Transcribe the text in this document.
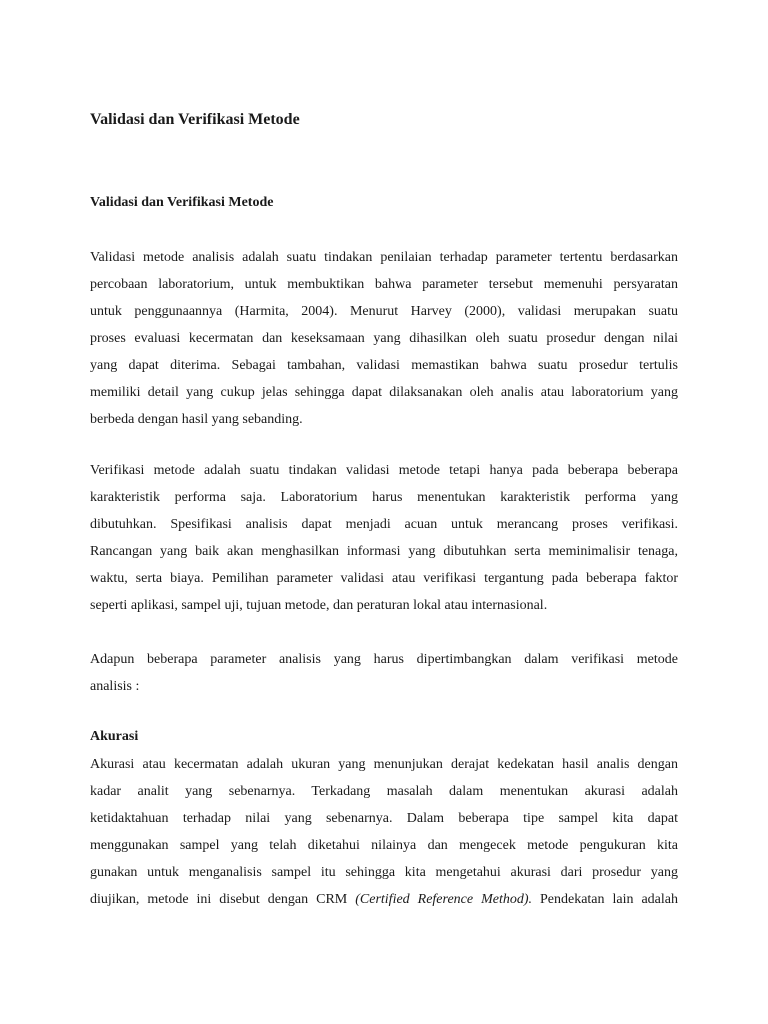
Validasi dan Verifikasi Metode
Validasi dan Verifikasi Metode
Validasi metode analisis adalah suatu tindakan penilaian terhadap parameter tertentu berdasarkan
percobaan laboratorium, untuk membuktikan bahwa parameter tersebut memenuhi persyaratan
untuk penggunaannya (Harmita, 2004). Menurut Harvey (2000), validasi merupakan suatu
proses evaluasi kecermatan dan keseksamaan yang dihasilkan oleh suatu prosedur dengan nilai
yang dapat diterima. Sebagai tambahan, validasi memastikan bahwa suatu prosedur tertulis
memiliki detail yang cukup jelas sehingga dapat dilaksanakan oleh analis atau laboratorium yang
berbeda dengan hasil yang sebanding.
Verifikasi metode adalah suatu tindakan validasi metode tetapi hanya pada beberapa beberapa
karakteristik performa saja. Laboratorium harus menentukan karakteristik performa yang
dibutuhkan. Spesifikasi analisis dapat menjadi acuan untuk merancang proses verifikasi.
Rancangan yang baik akan menghasilkan informasi yang dibutuhkan serta meminimalisir tenaga,
waktu, serta biaya. Pemilihan parameter validasi atau verifikasi tergantung pada beberapa faktor
seperti aplikasi, sampel uji, tujuan metode, dan peraturan lokal atau internasional.
Adapun beberapa parameter analisis yang harus dipertimbangkan dalam verifikasi metode
analisis :
Akurasi
Akurasi atau kecermatan adalah ukuran yang menunjukan derajat kedekatan hasil analis dengan
kadar analit yang sebenarnya. Terkadang masalah dalam menentukan akurasi adalah
ketidaktahuan terhadap nilai yang sebenarnya. Dalam beberapa tipe sampel kita dapat
menggunakan sampel yang telah diketahui nilainya dan mengecek metode pengukuran kita
gunakan untuk menganalisis sampel itu sehingga kita mengetahui akurasi dari prosedur yang
diujikan, metode ini disebut dengan CRM (Certified Reference Method). Pendekatan lain adalah
